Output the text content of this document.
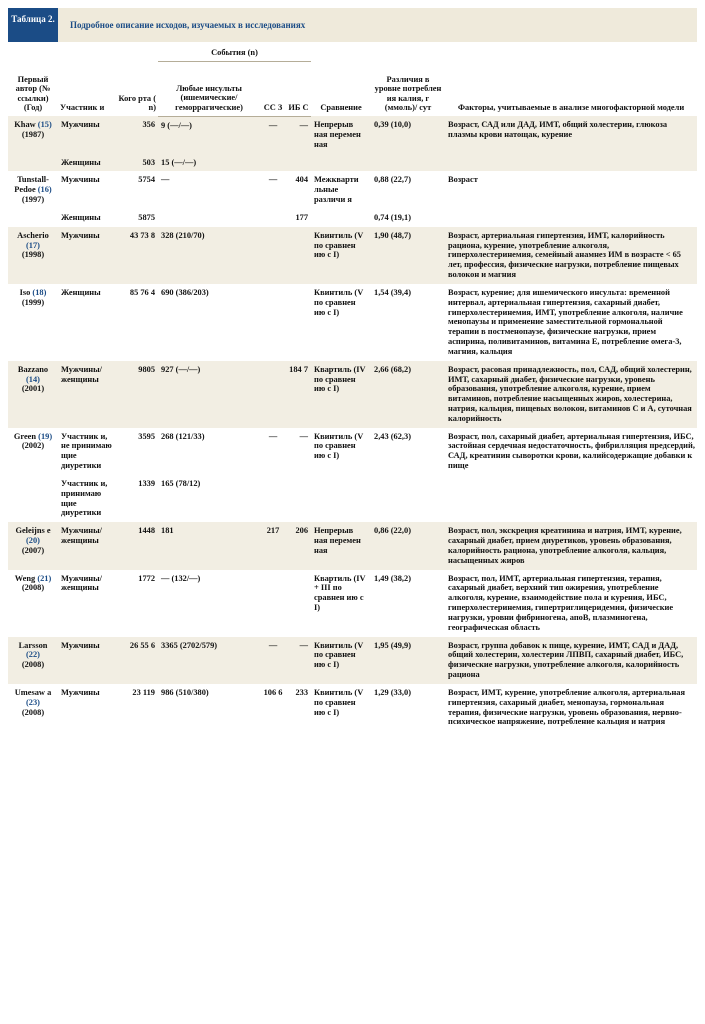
Таблица 2.
Подробное описание исходов, изучаемых в исследованиях

Первый автор (№ ссылки) (Год)	Участник и	Кого рта ( n)	События (n)			Сравнение	Различия в уровне потреблен ия калия, г (ммоль)/ сут	Факторы, учитываемые в анализе многофакторной модели
			Любые инсульты (ишемические/ геморрагические)	СС З	ИБ С			
Khaw (15)
(1987)	Мужчины	356	9 (—/—)	—	—	Непрерыв ная перемен ная	0,39 (10,0)	Возраст, САД или ДАД, ИМТ, общий холестерин, глюкоза плазмы крови натощак, курение
	Женщины	503	15 (—/—)					
Tunstall-Pedoe (16)
(1997)	Мужчины	5754	—	—	404	Межкварти льные различи я	0,88 (22,7)	Возраст
	Женщины	5875			177		0,74 (19,1)	
Ascherio (17)
(1998)	Мужчины	43 73 8	328 (210/70)			Квинтиль (V по сравнен ию с I)	1,90 (48,7)	Возраст, артериальная гипертензия, ИМТ, калорийность рациона, курение, употребление алкоголя, гиперхолестеринемия, семейный анамнез ИМ в возрасте < 65 лет, профессия, физические нагрузки, потребление пищевых волокон и магния
Iso (18)
(1999)	Женщины	85 76 4	690 (386/203)			Квинтиль (V по сравнен ию с I)	1,54 (39,4)	Возраст, курение; для ишемического инсульта: временной интервал, артериальная гипертензия, сахарный диабет, гиперхолестеринемия, ИМТ, употребление алкоголя, наличие менопаузы и применение заместительной гормональной терапии в постменопаузе, физические нагрузки, прием аспирина, поливитаминов, витамина Е, потребление омега-3, магния, кальция
Bazzano (14)
(2001)	Мужчины/ женщины	9805	927 (—/—)		184 7	Квартиль (IV по сравнен ию с I)	2,66 (68,2)	Возраст, расовая принадлежность, пол, САД, общий холестерин, ИМТ, сахарный диабет, физические нагрузки, уровень образования, употребление алкоголя, курение, прием витаминов, потребление насыщенных жиров, холестерина, натрия, кальция, пищевых волокон, витаминов С и А, суточная калорийность
Green (19)
(2002)	Участник и, не принимаю щие диуретики	3595	268 (121/33)	—	—	Квинтиль (V по сравнен ию с I)	2,43 (62,3)	Возраст, пол, сахарный диабет, артериальная гипертензия, ИБС, застойная сердечная недостаточность, фибрилляция предсердий, САД, креатинин сыворотки крови, калийсодержащие добавки к пище
	Участник и, принимаю щие диуретики	1339	165 (78/12)					
Geleijns e (20)
(2007)	Мужчины/ женщины	1448	181	217	206	Непрерыв ная перемен ная	0,86 (22,0)	Возраст, пол, экскреция креатинина и натрия, ИМТ, курение, сахарный диабет, прием диуретиков, уровень образования, калорийность рациона, употребление алкоголя, кальция, насыщенных жиров
Weng (21)
(2008)	Мужчины/ женщины	1772	— (132/—)			Квартиль (IV + III по сравнен ию с I)	1,49 (38,2)	Возраст, пол, ИМТ, артериальная гипертензия, терапия, сахарный диабет, верхний тип ожирения, употребление алкоголя, курение, взаимодействие пола и курения, ИБС, гиперхолестеринемия, гипертриглицеридемия, физические нагрузки, уровни фибриногена, апоВ, плазминогена, географическая область
Larsson (22)
(2008)	Мужчины	26 55 6	3365 (2702/579)	—	—	Квинтиль (V по сравнен ию с I)	1,95 (49,9)	Возраст, группа добавок к пище, курение, ИМТ, САД и ДАД, общий холестерин, холестерин ЛПВП, сахарный диабет, ИБС, физические нагрузки, употребление алкоголя, калорийность рациона
Umesaw a (23)
(2008)	Мужчины	23 119	986 (510/380)	106 6	233	Квинтиль (V по сравнен ию с I)	1,29 (33,0)	Возраст, ИМТ, курение, употребление алкоголя, артериальная гипертензия, сахарный диабет, менопауза, гормональная терапия, физические нагрузки, уровень образования, нервно-психическое напряжение, потребление кальция и натрия
